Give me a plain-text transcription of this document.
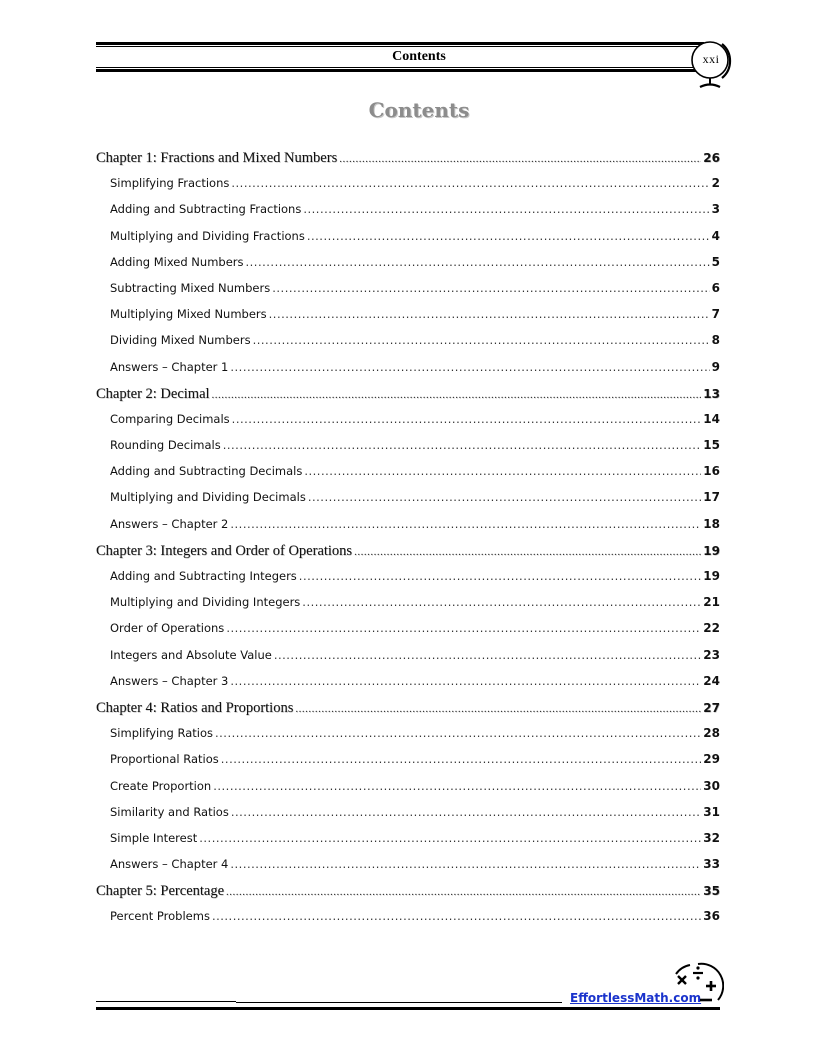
Contents	xxi
Contents
Chapter 1: Fractions and Mixed Numbers .....	26
Simplifying Fractions .....	2
Adding and Subtracting Fractions .....	3
Multiplying and Dividing Fractions .....	4
Adding Mixed Numbers .....	5
Subtracting Mixed Numbers .....	6
Multiplying Mixed Numbers .....	7
Dividing Mixed Numbers .....	8
Answers – Chapter 1 .....	9
Chapter 2: Decimal .....	13
Comparing Decimals .....	14
Rounding Decimals .....	15
Adding and Subtracting Decimals .....	16
Multiplying and Dividing Decimals .....	17
Answers – Chapter 2 .....	18
Chapter 3: Integers and Order of Operations .....	19
Adding and Subtracting Integers .....	19
Multiplying and Dividing Integers .....	21
Order of Operations .....	22
Integers and Absolute Value .....	23
Answers – Chapter 3 .....	24
Chapter 4: Ratios and Proportions .....	27
Simplifying Ratios .....	28
Proportional Ratios .....	29
Create Proportion .....	30
Similarity and Ratios .....	31
Simple Interest .....	32
Answers – Chapter 4 .....	33
Chapter 5: Percentage .....	35
Percent Problems .....	36
EffortlessMath.com
